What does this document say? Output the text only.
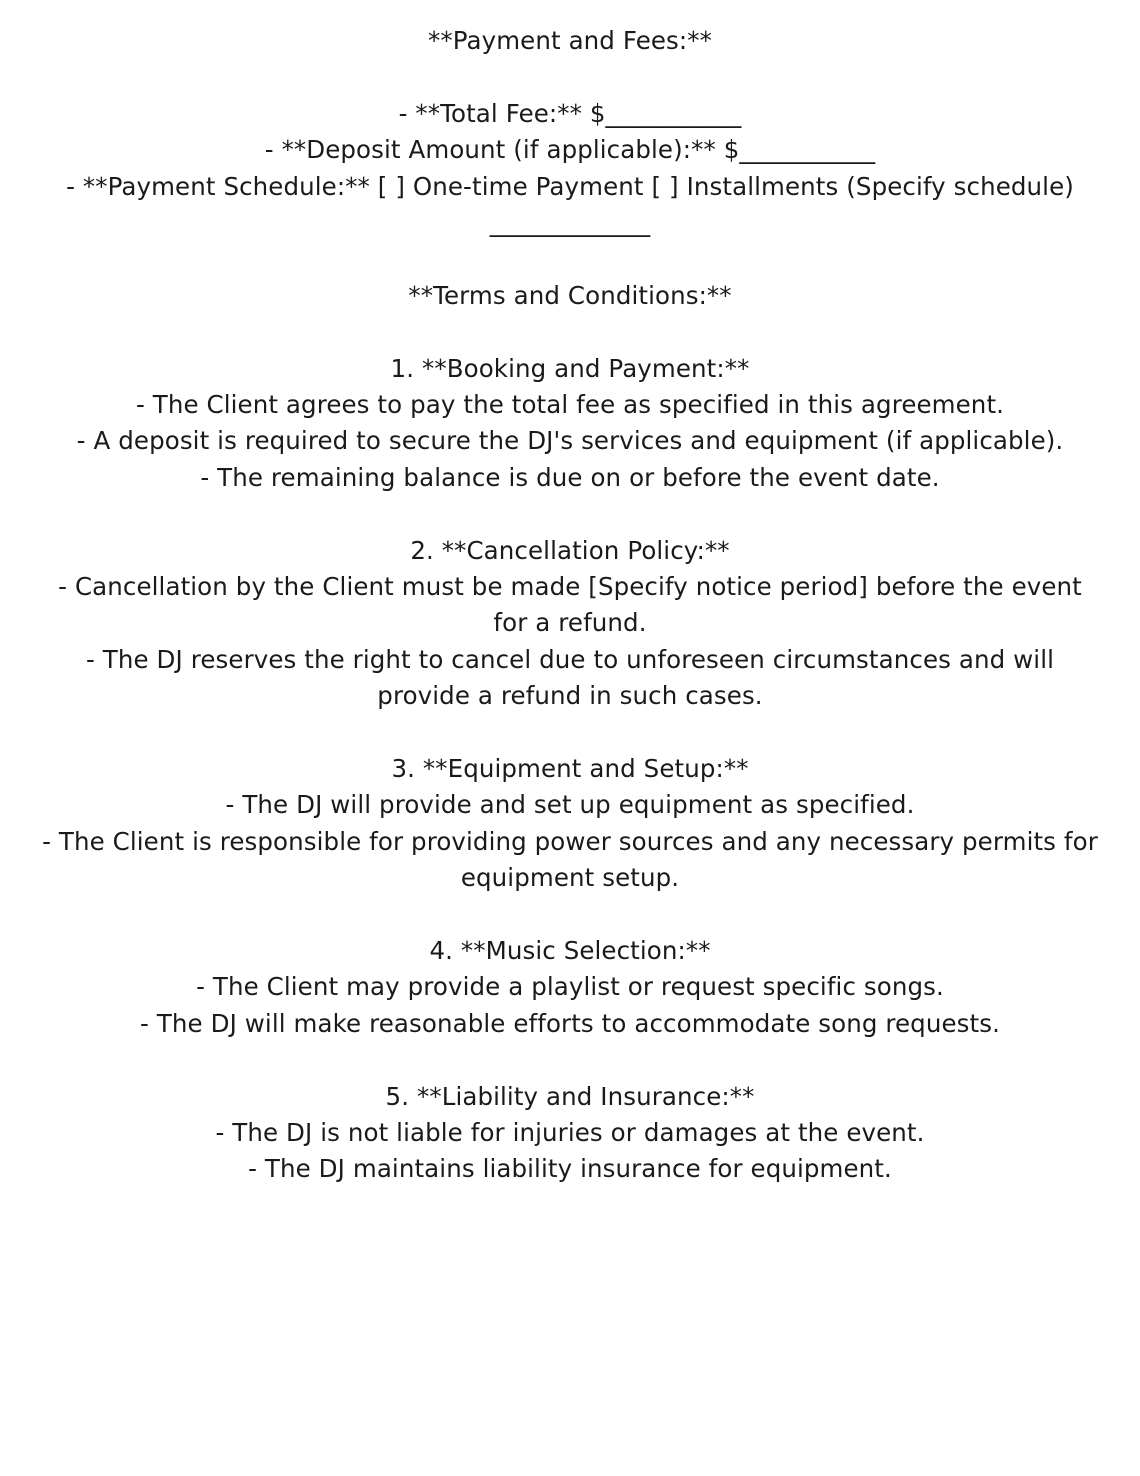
**Payment and Fees:**

- **Total Fee:** $___________

- **Deposit Amount (if applicable):** $___________

- **Payment Schedule:** [ ] One-time Payment [ ] Installments (Specify schedule)

_____________

**Terms and Conditions:**

1. **Booking and Payment:**

- The Client agrees to pay the total fee as specified in this agreement.

- A deposit is required to secure the DJ's services and equipment (if applicable).

- The remaining balance is due on or before the event date.

2. **Cancellation Policy:**

- Cancellation by the Client must be made [Specify notice period] before the event for a refund.

- The DJ reserves the right to cancel due to unforeseen circumstances and will provide a refund in such cases.

3. **Equipment and Setup:**

- The DJ will provide and set up equipment as specified.

- The Client is responsible for providing power sources and any necessary permits for equipment setup.

4. **Music Selection:**

- The Client may provide a playlist or request specific songs.

- The DJ will make reasonable efforts to accommodate song requests.

5. **Liability and Insurance:**

- The DJ is not liable for injuries or damages at the event.

- The DJ maintains liability insurance for equipment.
